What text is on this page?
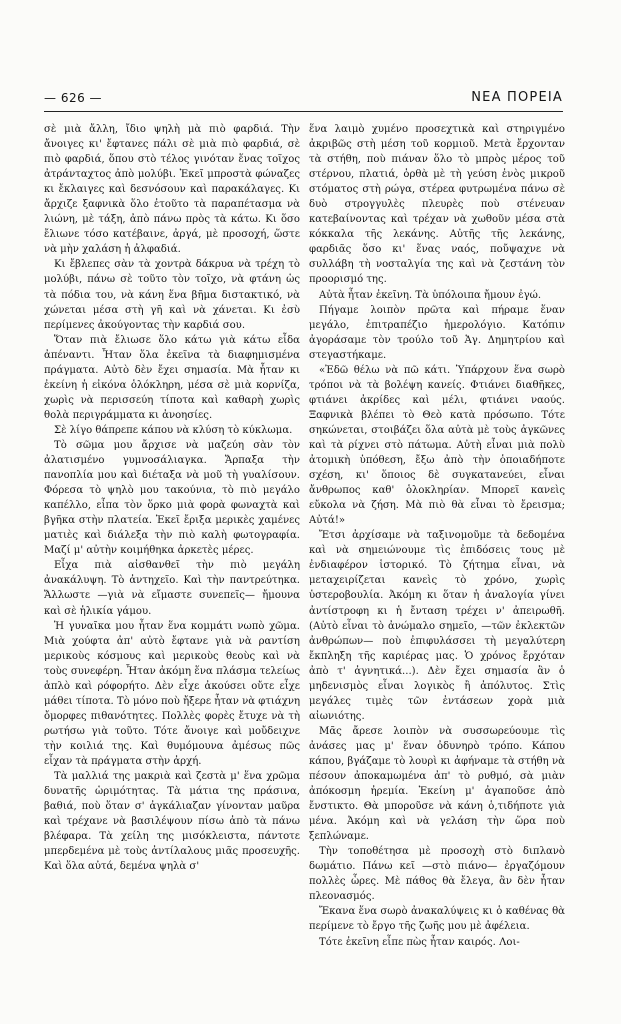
— 626 —	ΝΕΑ ΠΟΡΕΙΑ

σὲ μιὰ ἄλλη, ἴδιο ψηλὴ μὰ πιὸ φαρδιά. Τὴν ἄνοιγες κι' ἔφτανες πάλι σὲ μιὰ πιὸ φαρδιά, σὲ πιὸ φαρδιά, ὅπου στὸ τέλος γινόταν ἕνας τοῖχος ἀτράνταχτος ἀπὸ μολύβι. Ἐκεῖ μπροστὰ φώναζες κι ἔκλαιγες καὶ δεσνόσουν καὶ παρακάλαγες. Κι ἄρχιζε ξαφνικὰ ὅλο ἐτοῦτο τὰ παραπέτασμα νὰ λιώνη, μὲ τάξη, ἀπὸ πάνω πρὸς τὰ κάτω. Κι ὅσο ἔλιωνε τόσο κατέβαινε, ἀργά, μὲ προσοχή, ὥστε νὰ μὴν χαλάση ἡ ἀλφαδιά.

Κι ἔβλεπες σὰν τὰ χοντρὰ δάκρυα νὰ τρέχη τὸ μολύβι, πάνω σὲ τοῦτο τὸν τοῖχο, νὰ φτάνη ὡς τὰ πόδια του, νὰ κάνη ἕνα βῆμα διστακτικό, νὰ χώνεται μέσα στὴ γῆ καὶ νὰ χάνεται. Κι ἐσὺ περίμενες ἀκούγοντας τὴν καρδιά σου.

Ὅταν πιὰ ἔλιωσε ὅλο κάτω γιὰ κάτω εἶδα ἀπέναντι. Ἦταν ὅλα ἐκεῖνα τὰ διαφημισμένα πράγματα. Αὐτὸ δὲν ἔχει σημασία. Μὰ ἦταν κι ἐκείνη ἡ εἰκόνα ὁλόκληρη, μέσα σὲ μιὰ κορνίζα, χωρὶς νὰ περισσεύη τίποτα καὶ καθαρὴ χωρὶς θολὰ περιγράμματα κι ἀνοησίες.

Σὲ λίγο θάπρεπε κάπου νὰ κλύση τὸ κύκλωμα.

Τὸ σῶμα μου ἄρχισε νὰ μαζεύη σὰν τὸν ἀλατισμένο γυμνοσάλιαγκα. Ἄρπαξα τὴν πανοπλία μου καὶ διέταξα νὰ μοῦ τὴ γυαλίσουν. Φόρεσα τὸ ψηλὸ μου τακούνια, τὸ πιὸ μεγάλο καπέλλο, εἶπα τὸν ὅρκο μιὰ φορὰ φωναχτὰ καὶ βγῆκα στὴν πλατεία. Ἐκεῖ ἔριξα μερικὲς χαμένες ματιὲς καὶ διάλεξα τὴν πιὸ καλὴ φωτογραφία. Μαζί μ' αὐτὴν κοιμήθηκα ἀρκετὲς μέρες.

Εἶχα πιὰ αἰσθανθεῖ τὴν πιὸ μεγάλη ἀνακάλυψη. Τὸ ἀντηχεῖο. Καὶ τὴν παντρεύτηκα. Ἄλλωστε —γιὰ νὰ εἴμαστε συνεπεῖς— ἤμουνα καὶ σὲ ἡλικία γάμου.

Ἡ γυναῖκα μου ἦταν ἕνα κομμάτι νωπὸ χῶμα. Μιὰ χούφτα ἀπ' αὐτὸ ἔφτανε γιὰ νὰ ραντίση μερικοὺς κόσμους καὶ μερικοὺς θεοὺς καὶ νὰ τοὺς συνεφέρη. Ἦταν ἀκόμη ἕνα πλάσμα τελείως ἁπλὸ καὶ ρόφορήτο. Δὲν εἶχε ἀκούσει οὔτε εἶχε μάθει τίποτα. Τὸ μόνο ποὺ ἤξερε ἦταν νὰ φτιάχνη ὄμορφες πιθανότητες. Πολλὲς φορὲς ἔτυχε νὰ τὴ ρωτήσω γιὰ τοῦτο. Τότε ἄνοιγε καὶ μοὔδειχνε τὴν κοιλιά της. Καὶ θυμόμουνα ἀμέσως πῶς εἶχαν τὰ πράγματα στὴν ἀρχή.

Τὰ μαλλιά της μακριὰ καὶ ζεστὰ μ' ἕνα χρῶμα δυνατῆς ὡριμότητας. Τὰ μάτια της πράσινα, βαθιά, ποὺ ὅταν σ' ἀγκάλιαζαν γίνονταν μαῦρα καὶ τρέχανε νὰ βασιλέψουν πίσω ἀπὸ τὰ πάνω βλέφαρα. Τὰ χείλη της μισόκλειστα, πάντοτε μπερδεμένα μὲ τοὺς ἀντίλαλους μιᾶς προσευχῆς. Καὶ ὅλα αὐτά, δεμένα ψηλὰ σ'

ἕνα λαιμὸ χυμένο προσεχτικὰ καὶ στηριγμένο ἀκριβῶς στὴ μέση τοῦ κορμιοῦ. Μετὰ ἔρχονταν τὰ στήθη, ποὺ πιάναν ὅλο τὸ μπρὸς μέρος τοῦ στέρνου, πλατιά, ὀρθὰ μὲ τὴ γεύση ἑνὸς μικροῦ στόματος στὴ ρώγα, στέρεα φυτρωμένα πάνω σὲ δυὸ στρογγυλὲς πλευρὲς ποὺ στένευαν κατεβαίνοντας καὶ τρέχαν νὰ χωθοῦν μέσα στὰ κόκκαλα τῆς λεκάνης. Αὐτῆς τῆς λεκάνης, φαρδιᾶς ὅσο κι' ἕνας ναός, ποὔψαχνε νὰ συλλάβη τὴ νοσταλγία της καὶ νὰ ζεστάνη τὸν προορισμό της.

Αὐτὰ ἦταν ἐκεῖνη. Τὰ ὑπόλοιπα ἤμουν ἐγώ.

Πήγαμε λοιπὸν πρῶτα καὶ πήραμε ἕναν μεγάλο, ἐπιτραπέζιο ἡμερολόγιο. Κατόπιν ἀγοράσαμε τὸν τρούλο τοῦ Ἁγ. Δημητρίου καὶ στεγαστήκαμε.

«Ἐδῶ θέλω νὰ πῶ κάτι. Ὑπάρχουν ἕνα σωρὸ τρόποι νὰ τὰ βολέψη κανείς. Φτιάνει διαθῆκες, φτιάνει ἀκρίδες καὶ μέλι, φτιάνει ναούς. Ξαφνικὰ βλέπει τὸ Θεὸ κατὰ πρόσωπο. Τότε σηκώνεται, στοιβάζει ὅλα αὐτὰ μὲ τοὺς ἀγκῶνες καὶ τὰ ρίχνει στὸ πάτωμα. Αὐτὴ εἶναι μιὰ πολὺ ἀτομικὴ ὑπόθεση, ἔξω ἀπὸ τὴν ὁποιαδήποτε σχέση, κι' ὅποιος δὲ συγκατανεύει, εἶναι ἄνθρωπος καθ' ὁλοκληρίαν. Μπορεῖ κανεὶς εὔκολα νὰ ζήση. Μὰ πιὸ θὰ εἶναι τὸ ἔρεισμα; Αὐτά!»

Ἔτσι ἀρχίσαμε νὰ ταξινομοῦμε τὰ δεδομένα καὶ νὰ σημειώνουμε τὶς ἐπιδόσεις τους μὲ ἐνδιαφέρον ἱστορικό. Τὸ ζήτημα εἶναι, νὰ μεταχειρίζεται κανεὶς τὸ χρόνο, χωρὶς ὑστεροβουλία. Ἀκόμη κι ὅταν ἡ ἀναλογία γίνει ἀντίστροφη κι ἡ ἔνταση τρέχει ν' ἀπειρωθῆ. (Αὐτὸ εἶναι τὸ ἀνώμαλο σημεῖο, —τῶν ἐκλεκτῶν ἀνθρώπων— ποὺ ἐπιφυλάσσει τὴ μεγαλύτερη ἔκπληξη τῆς καριέρας μας. Ὁ χρόνος ἔρχόταν ἀπὸ τ' ἀγνητικά...). Δὲν ἔχει σημασία ἂν ὁ μηδενισμὸς εἶναι λογικὸς ἢ ἀπόλυτος. Στὶς μεγάλες τιμὲς τῶν ἐντάσεων χορὰ μιὰ αἰωνιότης.

Μᾶς ἄρεσε λοιπὸν νὰ συσσωρεύουμε τὶς ἀνάσες μας μ' ἕναν ὀδυνηρὸ τρόπο. Κάπου κάπου, βγάζαμε τὸ λουρὶ κι ἀφήναμε τὰ στήθη νὰ πέσουν ἀποκαμωμένα ἀπ' τὸ ρυθμό, σὰ μιὰν ἀπόκοσμη ἠρεμία. Ἐκείνη μ' ἀγαποῦσε ἀπὸ ἔνστικτο. Θὰ μποροῦσε νὰ κάνη ὁ,τιδήποτε γιὰ μένα. Ἀκόμη καὶ νὰ γελάση τὴν ὥρα ποὺ ξεπλώναμε.

Τὴν τοποθέτησα μὲ προσοχὴ στὸ διπλανὸ δωμάτιο. Πάνω κεῖ —στὸ πιάνο— ἐργαζόμουν πολλὲς ὧρες. Μὲ πάθος θὰ ἔλεγα, ἂν δὲν ἦταν πλεονασμός.

Ἔκανα ἕνα σωρὸ ἀνακαλύψεις κι ὁ καθένας θὰ περίμενε τὸ ἔργο τῆς ζωῆς μου μὲ ἀφέλεια.

Τότε ἐκεῖνη εἶπε πὼς ἦταν καιρός. Λοι-
